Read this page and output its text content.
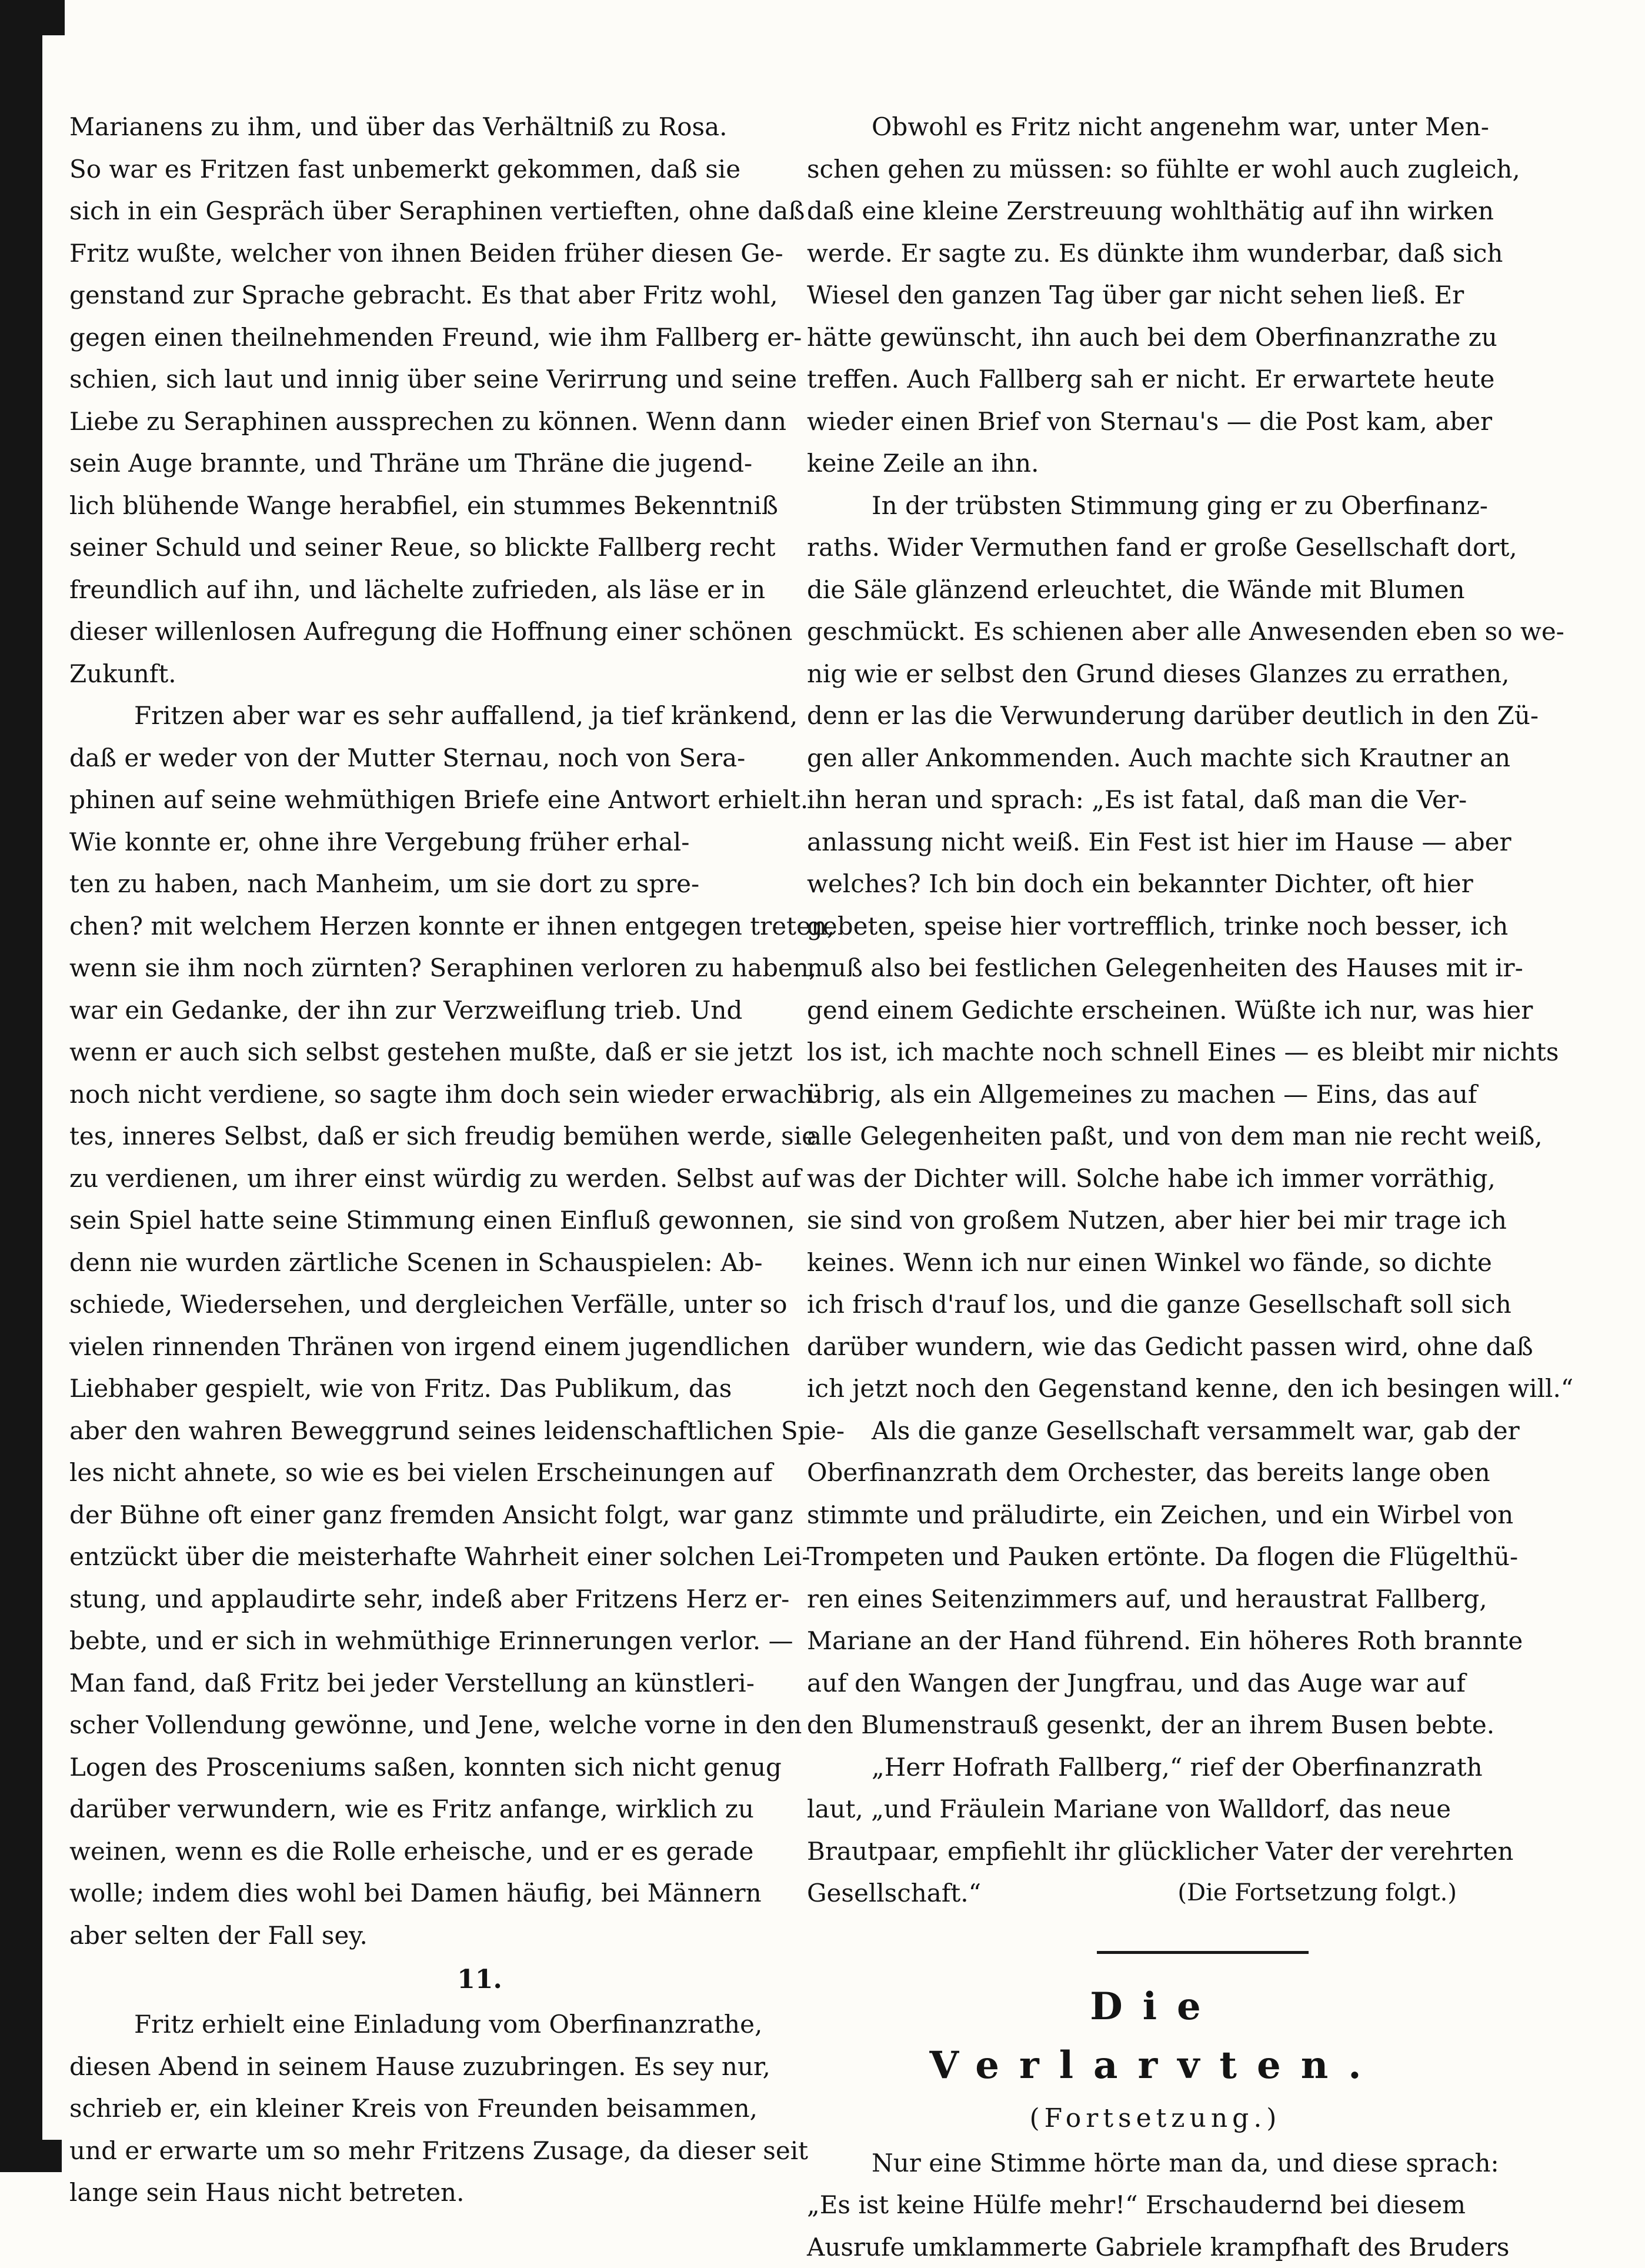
Marianens zu ihm, und über das Verhältniß zu Rosa.
So war es Fritzen fast unbemerkt gekommen, daß sie
sich in ein Gespräch über Seraphinen vertieften, ohne daß
Fritz wußte, welcher von ihnen Beiden früher diesen Ge-
genstand zur Sprache gebracht. Es that aber Fritz wohl,
gegen einen theilnehmenden Freund, wie ihm Fallberg er-
schien, sich laut und innig über seine Verirrung und seine
Liebe zu Seraphinen aussprechen zu können. Wenn dann
sein Auge brannte, und Thräne um Thräne die jugend-
lich blühende Wange herabfiel, ein stummes Bekenntniß
seiner Schuld und seiner Reue, so blickte Fallberg recht
freundlich auf ihn, und lächelte zufrieden, als läse er in
dieser willenlosen Aufregung die Hoffnung einer schönen
Zukunft.
Fritzen aber war es sehr auffallend, ja tief kränkend,
daß er weder von der Mutter Sternau, noch von Sera-
phinen auf seine wehmüthigen Briefe eine Antwort erhielt.
Wie konnte er, ohne ihre Vergebung früher erhal-
ten zu haben, nach Manheim, um sie dort zu spre-
chen? mit welchem Herzen konnte er ihnen entgegen treten,
wenn sie ihm noch zürnten? Seraphinen verloren zu haben,
war ein Gedanke, der ihn zur Verzweiflung trieb. Und
wenn er auch sich selbst gestehen mußte, daß er sie jetzt
noch nicht verdiene, so sagte ihm doch sein wieder erwach-
tes, inneres Selbst, daß er sich freudig bemühen werde, sie
zu verdienen, um ihrer einst würdig zu werden. Selbst auf
sein Spiel hatte seine Stimmung einen Einfluß gewonnen,
denn nie wurden zärtliche Scenen in Schauspielen: Ab-
schiede, Wiedersehen, und dergleichen Verfälle, unter so
vielen rinnenden Thränen von irgend einem jugendlichen
Liebhaber gespielt, wie von Fritz. Das Publikum, das
aber den wahren Beweggrund seines leidenschaftlichen Spie-
les nicht ahnete, so wie es bei vielen Erscheinungen auf
der Bühne oft einer ganz fremden Ansicht folgt, war ganz
entzückt über die meisterhafte Wahrheit einer solchen Lei-
stung, und applaudirte sehr, indeß aber Fritzens Herz er-
bebte, und er sich in wehmüthige Erinnerungen verlor. —
Man fand, daß Fritz bei jeder Verstellung an künstleri-
scher Vollendung gewönne, und Jene, welche vorne in den
Logen des Prosceniums saßen, konnten sich nicht genug
darüber verwundern, wie es Fritz anfange, wirklich zu
weinen, wenn es die Rolle erheische, und er es gerade
wolle; indem dies wohl bei Damen häufig, bei Männern
aber selten der Fall sey.

11.

Fritz erhielt eine Einladung vom Oberfinanzrathe,
diesen Abend in seinem Hause zuzubringen. Es sey nur,
schrieb er, ein kleiner Kreis von Freunden beisammen,
und er erwarte um so mehr Fritzens Zusage, da dieser seit
lange sein Haus nicht betreten.
Obwohl es Fritz nicht angenehm war, unter Men-
schen gehen zu müssen: so fühlte er wohl auch zugleich,
daß eine kleine Zerstreuung wohlthätig auf ihn wirken
werde. Er sagte zu. Es dünkte ihm wunderbar, daß sich
Wiesel den ganzen Tag über gar nicht sehen ließ. Er
hätte gewünscht, ihn auch bei dem Oberfinanzrathe zu
treffen. Auch Fallberg sah er nicht. Er erwartete heute
wieder einen Brief von Sternau's — die Post kam, aber
keine Zeile an ihn.
In der trübsten Stimmung ging er zu Oberfinanz-
raths. Wider Vermuthen fand er große Gesellschaft dort,
die Säle glänzend erleuchtet, die Wände mit Blumen
geschmückt. Es schienen aber alle Anwesenden eben so we-
nig wie er selbst den Grund dieses Glanzes zu errathen,
denn er las die Verwunderung darüber deutlich in den Zü-
gen aller Ankommenden. Auch machte sich Krautner an
ihn heran und sprach: „Es ist fatal, daß man die Ver-
anlassung nicht weiß. Ein Fest ist hier im Hause — aber
welches? Ich bin doch ein bekannter Dichter, oft hier
gebeten, speise hier vortrefflich, trinke noch besser, ich
muß also bei festlichen Gelegenheiten des Hauses mit ir-
gend einem Gedichte erscheinen. Wüßte ich nur, was hier
los ist, ich machte noch schnell Eines — es bleibt mir nichts
übrig, als ein Allgemeines zu machen — Eins, das auf
alle Gelegenheiten paßt, und von dem man nie recht weiß,
was der Dichter will. Solche habe ich immer vorräthig,
sie sind von großem Nutzen, aber hier bei mir trage ich
keines. Wenn ich nur einen Winkel wo fände, so dichte
ich frisch d'rauf los, und die ganze Gesellschaft soll sich
darüber wundern, wie das Gedicht passen wird, ohne daß
ich jetzt noch den Gegenstand kenne, den ich besingen will.“
Als die ganze Gesellschaft versammelt war, gab der
Oberfinanzrath dem Orchester, das bereits lange oben
stimmte und präludirte, ein Zeichen, und ein Wirbel von
Trompeten und Pauken ertönte. Da flogen die Flügelthü-
ren eines Seitenzimmers auf, und heraustrat Fallberg,
Mariane an der Hand führend. Ein höheres Roth brannte
auf den Wangen der Jungfrau, und das Auge war auf
den Blumenstrauß gesenkt, der an ihrem Busen bebte.
„Herr Hofrath Fallberg,“ rief der Oberfinanzrath
laut, „und Fräulein Mariane von Walldorf, das neue
Brautpaar, empfiehlt ihr glücklicher Vater der verehrten
Gesellschaft.“	(Die Fortsetzung folgt.)

Die Verlarvten.

(Fortsetzung.)

Nur eine Stimme hörte man da, und diese sprach:
„Es ist keine Hülfe mehr!“ Erschaudernd bei diesem
Ausrufe umklammerte Gabriele krampfhaft des Bruders
